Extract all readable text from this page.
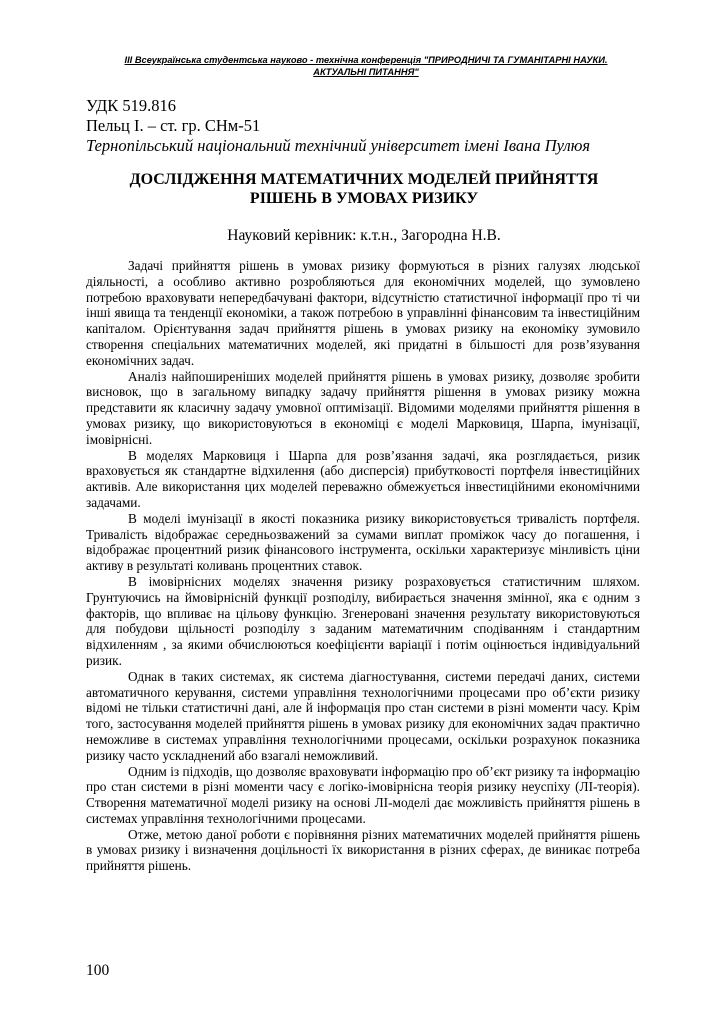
ІІІ Всеукраїнська студентська науково - технічна конференція "ПРИРОДНИЧІ ТА ГУМАНІТАРНІ НАУКИ.
АКТУАЛЬНІ ПИТАННЯ"
УДК 519.816
Пельц І. – ст. гр. СНм-51
Тернопільський національний технічний університет імені Івана Пулюя
ДОСЛІДЖЕННЯ МАТЕМАТИЧНИХ МОДЕЛЕЙ ПРИЙНЯТТЯ
РІШЕНЬ В УМОВАХ РИЗИКУ
Науковий керівник: к.т.н., Загородна Н.В.

Задачі прийняття рішень в умовах ризику формуються в різних галузях людської діяльності, а особливо активно розробляються для економічних моделей, що зумовлено потребою враховувати непередбачувані фактори, відсутністю статистичної інформації про ті чи інші явища та тенденції економіки, а також потребою в управлінні фінансовим та інвестиційним капіталом. Орієнтування задач прийняття рішень в умовах ризику на економіку зумовило створення спеціальних математичних моделей, які придатні в більшості для розв’язування економічних задач.

Аналіз найпоширеніших моделей прийняття рішень в умовах ризику, дозволяє зробити висновок, що в загальному випадку задачу прийняття рішення в умовах ризику можна представити як класичну задачу умовної оптимізації. Відомими моделями прийняття рішення в умовах ризику, що використовуються в економіці є моделі Марковиця, Шарпа, імунізації, імовірнісні.

В моделях Марковиця і Шарпа для розв’язання задачі, яка розглядається, ризик враховується як стандартне відхилення (або дисперсія) прибутковості портфеля інвестиційних активів. Але використання цих моделей переважно обмежується інвестиційними економічними задачами.

В моделі імунізації в якості показника ризику використовується тривалість портфеля. Тривалість відображає середньозважений за сумами виплат проміжок часу до погашення, і відображає процентний ризик фінансового інструмента, оскільки характеризує мінливість ціни активу в результаті коливань процентних ставок.

В імовірнісних моделях значення ризику розраховується статистичним шляхом. Грунтуючись на ймовірнісній функції розподілу, вибирається значення змінної, яка є одним з факторів, що впливає на цільову функцію. Згенеровані значення результату використовуються для побудови щільності розподілу з заданим математичним сподіванням і стандартним відхиленням , за якими обчислюються коефіцієнти варіації і потім оцінюється індивідуальний ризик.

Однак в таких системах, як система діагностування, системи передачі даних, системи автоматичного керування, системи управління технологічними процесами про об’єкти ризику відомі не тільки статистичні дані, але й інформація про стан системи в різні моменти часу. Крім того, застосування моделей прийняття рішень в умовах ризику для економічних задач практично неможливе в системах управління технологічними процесами, оскільки розрахунок показника ризику часто ускладнений або взагалі неможливий.

Одним із підходів, що дозволяє враховувати інформацію про об’єкт ризику та інформацію про стан системи в різні моменти часу є логіко-імовірнісна теорія ризику неуспіху (ЛІ-теорія). Створення математичної моделі ризику на основі ЛІ-моделі дає можливість прийняття рішень в системах управління технологічними процесами.

Отже, метою даної роботи є порівняння різних математичних моделей прийняття рішень в умовах ризику і визначення доцільності їх використання в різних сферах, де виникає потреба прийняття рішень.

100
